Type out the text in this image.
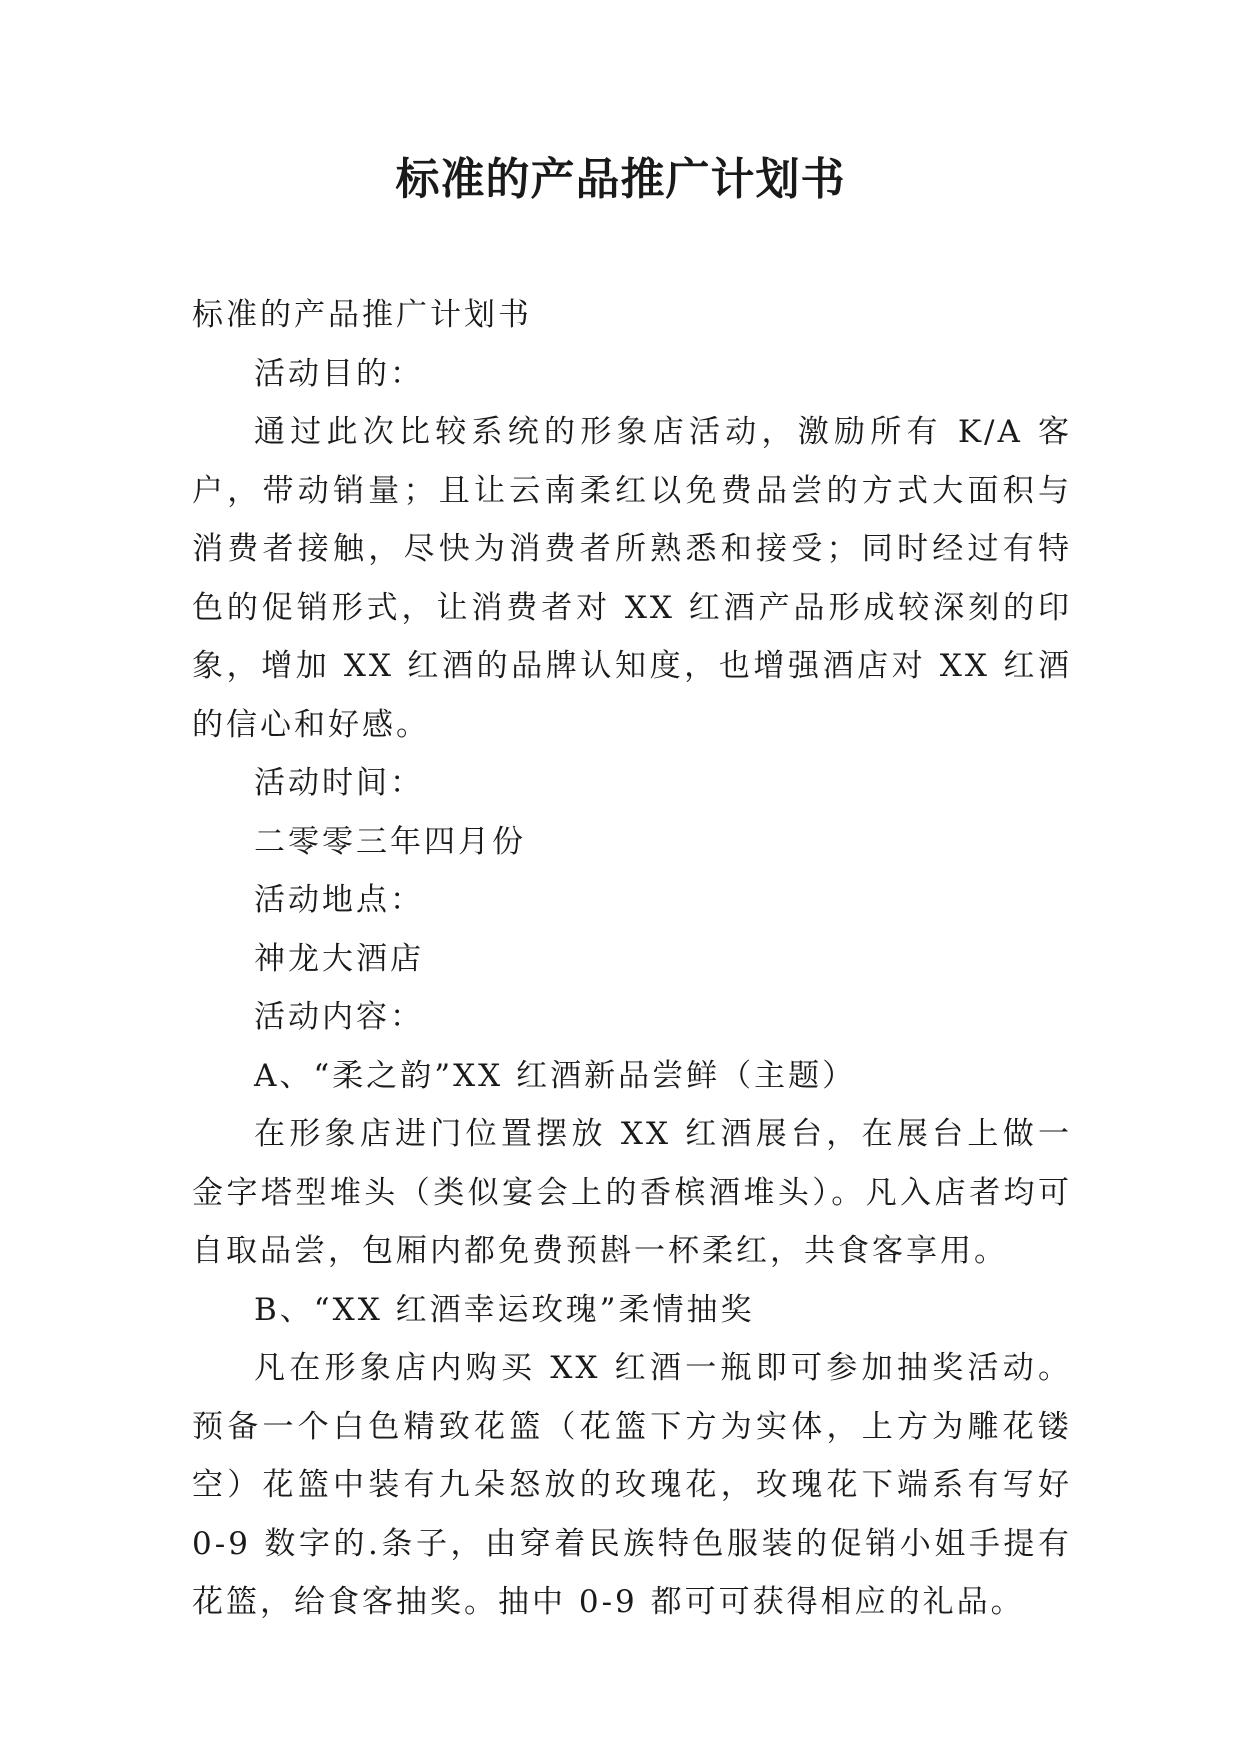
标准的产品推广计划书

标准的产品推广计划书

活动目的：

通过此次比较系统的形象店活动，激励所有 K/A 客户，带动销量；且让云南柔红以免费品尝的方式大面积与消费者接触，尽快为消费者所熟悉和接受；同时经过有特色的促销形式，让消费者对 XX 红酒产品形成较深刻的印象，增加 XX 红酒的品牌认知度，也增强酒店对 XX 红酒的信心和好感。

活动时间：

二零零三年四月份

活动地点：

神龙大酒店

活动内容：

A、“柔之韵”XX 红酒新品尝鲜（主题）

在形象店进门位置摆放 XX 红酒展台，在展台上做一金字塔型堆头（类似宴会上的香槟酒堆头）。凡入店者均可自取品尝，包厢内都免费预斟一杯柔红，共食客享用。

B、“XX 红酒幸运玫瑰”柔情抽奖

凡在形象店内购买 XX 红酒一瓶即可参加抽奖活动。预备一个白色精致花篮（花篮下方为实体，上方为雕花镂空）花篮中装有九朵怒放的玫瑰花，玫瑰花下端系有写好 0-9 数字的.条子，由穿着民族特色服装的促销小姐手提有花篮，给食客抽奖。抽中 0-9 都可可获得相应的礼品。
